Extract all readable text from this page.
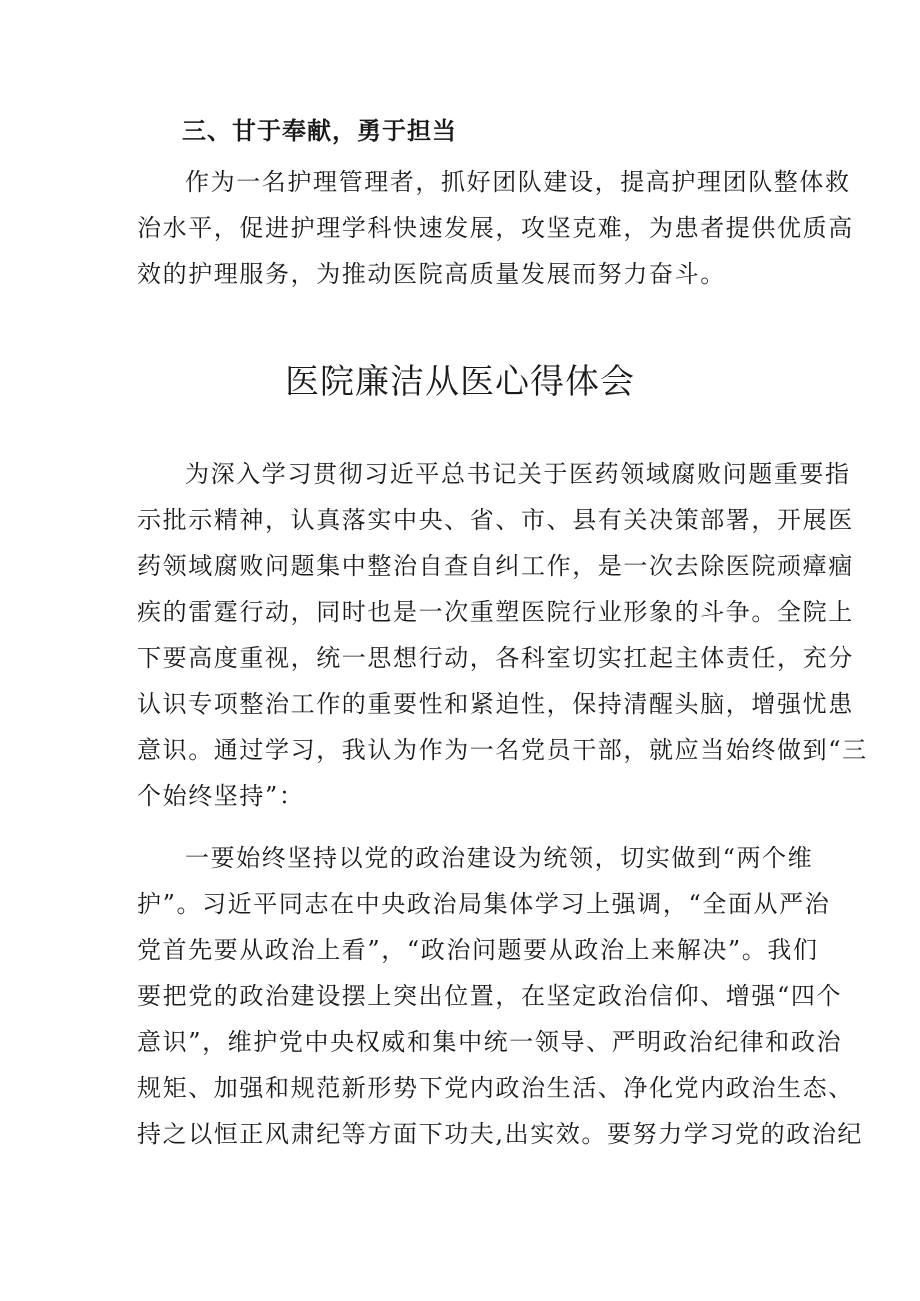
三、甘于奉献，勇于担当
作为一名护理管理者，抓好团队建设，提高护理团队整体救
治水平，促进护理学科快速发展，攻坚克难，为患者提供优质高
效的护理服务，为推动医院高质量发展而努力奋斗。
医院廉洁从医心得体会
为深入学习贯彻习近平总书记关于医药领域腐败问题重要指
示批示精神，认真落实中央、省、市、县有关决策部署，开展医
药领域腐败问题集中整治自查自纠工作，是一次去除医院顽瘴痼
疾的雷霆行动，同时也是一次重塑医院行业形象的斗争。全院上
下要高度重视，统一思想行动，各科室切实扛起主体责任，充分
认识专项整治工作的重要性和紧迫性，保持清醒头脑，增强忧患
意识。通过学习，我认为作为一名党员干部，就应当始终做到“三
个始终坚持”：
一要始终坚持以党的政治建设为统领，切实做到“两个维
护”。习近平同志在中央政治局集体学习上强调，“全面从严治
党首先要从政治上看”，“政治问题要从政治上来解决”。我们
要把党的政治建设摆上突出位置，在坚定政治信仰、增强“四个
意识”，维护党中央权威和集中统一领导、严明政治纪律和政治
规矩、加强和规范新形势下党内政治生活、净化党内政治生态、
持之以恒正风肃纪等方面下功夫,出实效。要努力学习党的政治纪
